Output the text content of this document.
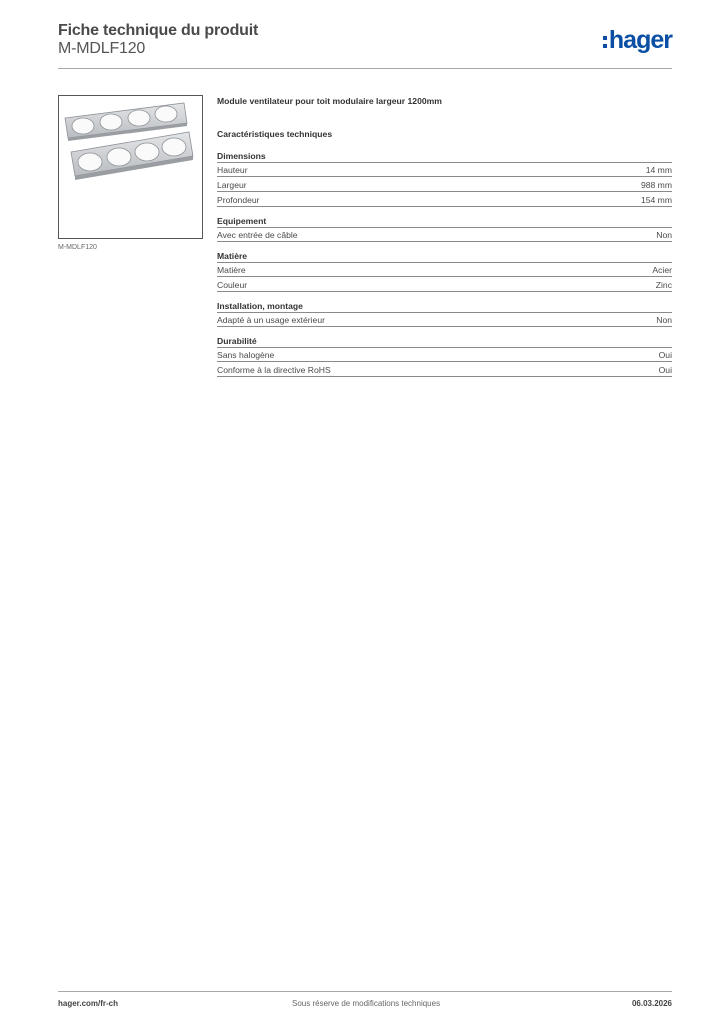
Fiche technique du produit
M-MDLF120	hager
M-MDLF120
Module ventilateur pour toit modulaire largeur 1200mm
Caractéristiques techniques
Dimensions
Hauteur	14 mm
Largeur	988 mm
Profondeur	154 mm
Equipement
Avec entrée de câble	Non
Matière
Matière	Acier
Couleur	Zinc
Installation, montage
Adapté à un usage extérieur	Non
Durabilité
Sans halogène	Oui
Conforme à la directive RoHS	Oui
hager.com/fr-ch	Sous réserve de modifications techniques	06.03.2026
